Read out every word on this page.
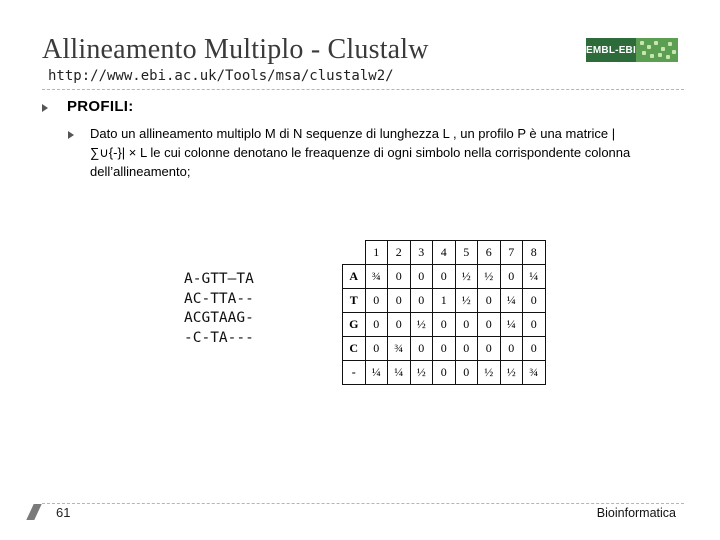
Allineamento Multiplo - Clustalw	EMBL-EBI
http://www.ebi.ac.uk/Tools/msa/clustalw2/
PROFILI:
Dato un allineamento multiplo M di N sequenze di lunghezza L , un profilo P è una matrice |∑∪{-}| × L le cui colonne denotano le freaquenze di ogni simbolo nella corrispondente colonna dell’allineamento;
A-GTT—TA
AC-TTA--
ACGTAAG-
-C-TA---
	1	2	3	4	5	6	7	8
A	¾	0	0	0	½	½	0	¼
T	0	0	0	1	½	0	¼	0
G	0	0	½	0	0	0	¼	0
C	0	¾	0	0	0	0	0	0
-	¼	¼	½	0	0	½	½	¾
61	Bioinformatica
